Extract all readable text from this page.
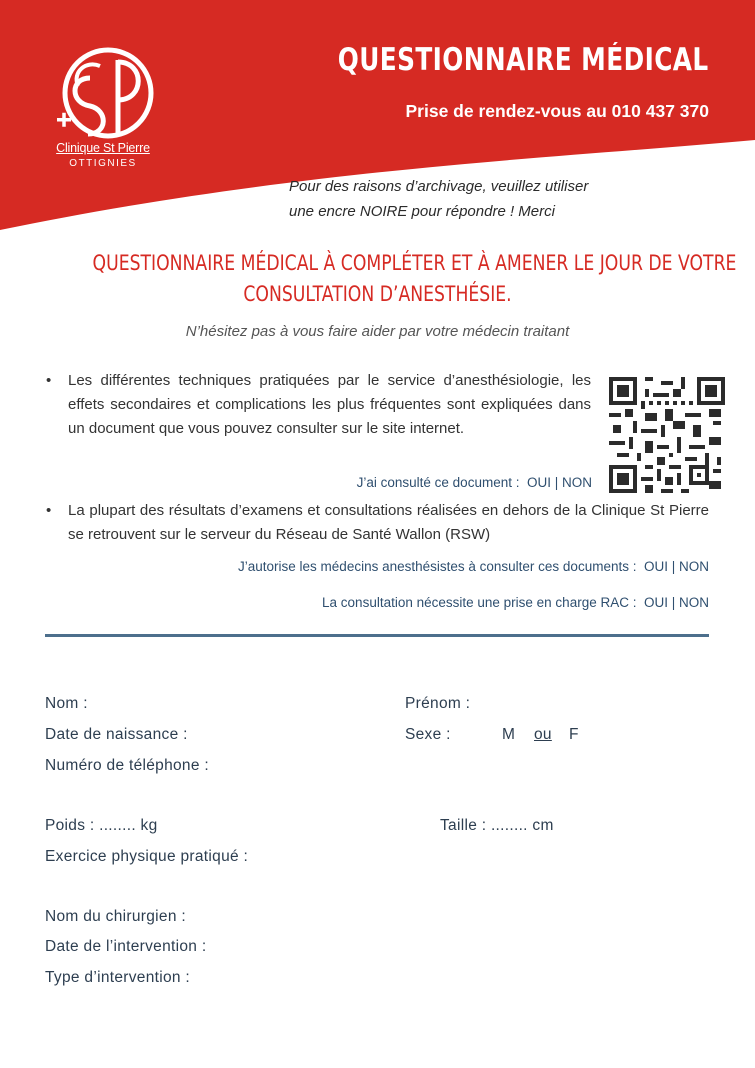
Clinique St Pierre
OTTIGNIES
QUESTIONNAIRE MÉDICAL
Prise de rendez-vous au 010 437 370
Pour des raisons d’archivage, veuillez utiliser
une encre NOIRE pour répondre ! Merci
QUESTIONNAIRE MÉDICAL À COMPLÉTER ET À AMENER LE JOUR DE VOTRE
CONSULTATION D’ANESTHÉSIE.
N’hésitez pas à vous faire aider par votre médecin traitant
• Les différentes techniques pratiquées par le service d’anesthésiologie, les effets secondaires et complications les plus fréquentes sont expliquées dans un document que vous pouvez consulter sur le site internet.
J’ai consulté ce document : OUI | NON
• La plupart des résultats d’examens et consultations réalisées en dehors de la Clinique St Pierre se retrouvent sur le serveur du Réseau de Santé Wallon (RSW)
J’autorise les médecins anesthésistes à consulter ces documents : OUI | NON
La consultation nécessite une prise en charge RAC : OUI | NON
Nom :	Prénom :
Date de naissance :	Sexe :	M ou F
Numéro de téléphone :
Poids : ........ kg	Taille : ........ cm
Exercice physique pratiqué :
Nom du chirurgien :
Date de l’intervention :
Type d’intervention :
